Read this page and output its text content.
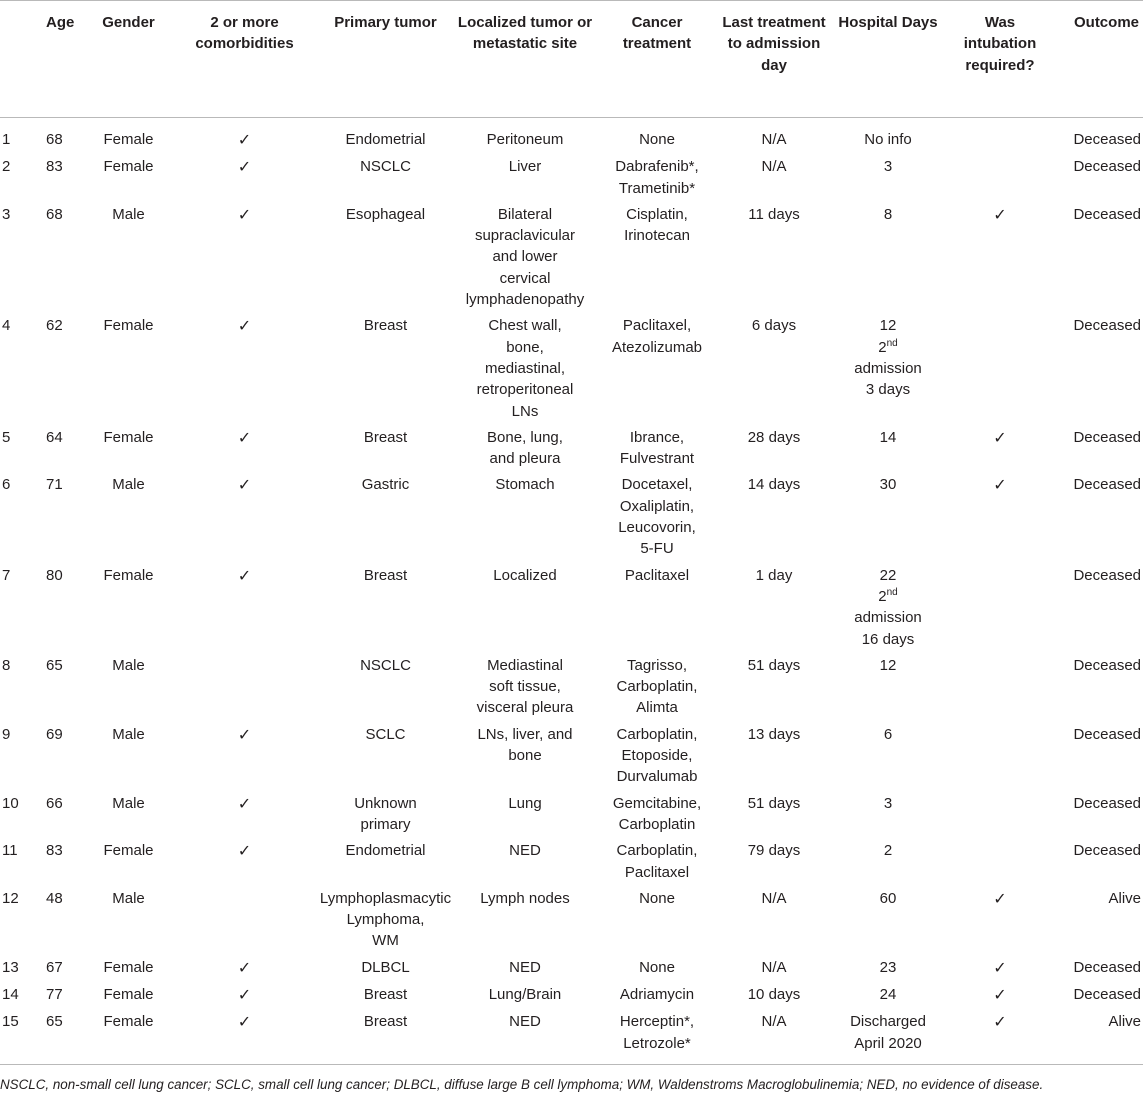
	Age	Gender	2 or more comorbidities	Primary tumor	Localized tumor or metastatic site	Cancer treatment	Last treatment to admission day	Hospital Days	Was intubation required?	Outcome
1	68	Female	✓	Endometrial	Peritoneum	None	N/A	No info		Deceased
2	83	Female	✓	NSCLC	Liver	Dabrafenib*,
Trametinib*	N/A	3		Deceased
3	68	Male	✓	Esophageal	Bilateral
supraclavicular
and lower
cervical
lymphadenopathy	Cisplatin,
Irinotecan	11 days	8	✓	Deceased
4	62	Female	✓	Breast	Chest wall,
bone,
mediastinal,
retroperitoneal
LNs	Paclitaxel,
Atezolizumab	6 days	12
2nd
admission
3 days		Deceased
5	64	Female	✓	Breast	Bone, lung,
and pleura	Ibrance,
Fulvestrant	28 days	14	✓	Deceased
6	71	Male	✓	Gastric	Stomach	Docetaxel,
Oxaliplatin,
Leucovorin,
5-FU	14 days	30	✓	Deceased
7	80	Female	✓	Breast	Localized	Paclitaxel	1 day	22
2nd
admission
16 days		Deceased
8	65	Male		NSCLC	Mediastinal
soft tissue,
visceral pleura	Tagrisso,
Carboplatin,
Alimta	51 days	12		Deceased
9	69	Male	✓	SCLC	LNs, liver, and
bone	Carboplatin,
Etoposide,
Durvalumab	13 days	6		Deceased
10	66	Male	✓	Unknown
primary	Lung	Gemcitabine,
Carboplatin	51 days	3		Deceased
11	83	Female	✓	Endometrial	NED	Carboplatin,
Paclitaxel	79 days	2		Deceased
12	48	Male		Lymphoplasmacytic
Lymphoma,
WM	Lymph nodes	None	N/A	60	✓	Alive
13	67	Female	✓	DLBCL	NED	None	N/A	23	✓	Deceased
14	77	Female	✓	Breast	Lung/Brain	Adriamycin	10 days	24	✓	Deceased
15	65	Female	✓	Breast	NED	Herceptin*,
Letrozole*	N/A	Discharged
April 2020	✓	Alive
NSCLC, non-small cell lung cancer; SCLC, small cell lung cancer; DLBCL, diffuse large B cell lymphoma; WM, Waldenstroms Macroglobulinemia; NED, no evidence of disease.
